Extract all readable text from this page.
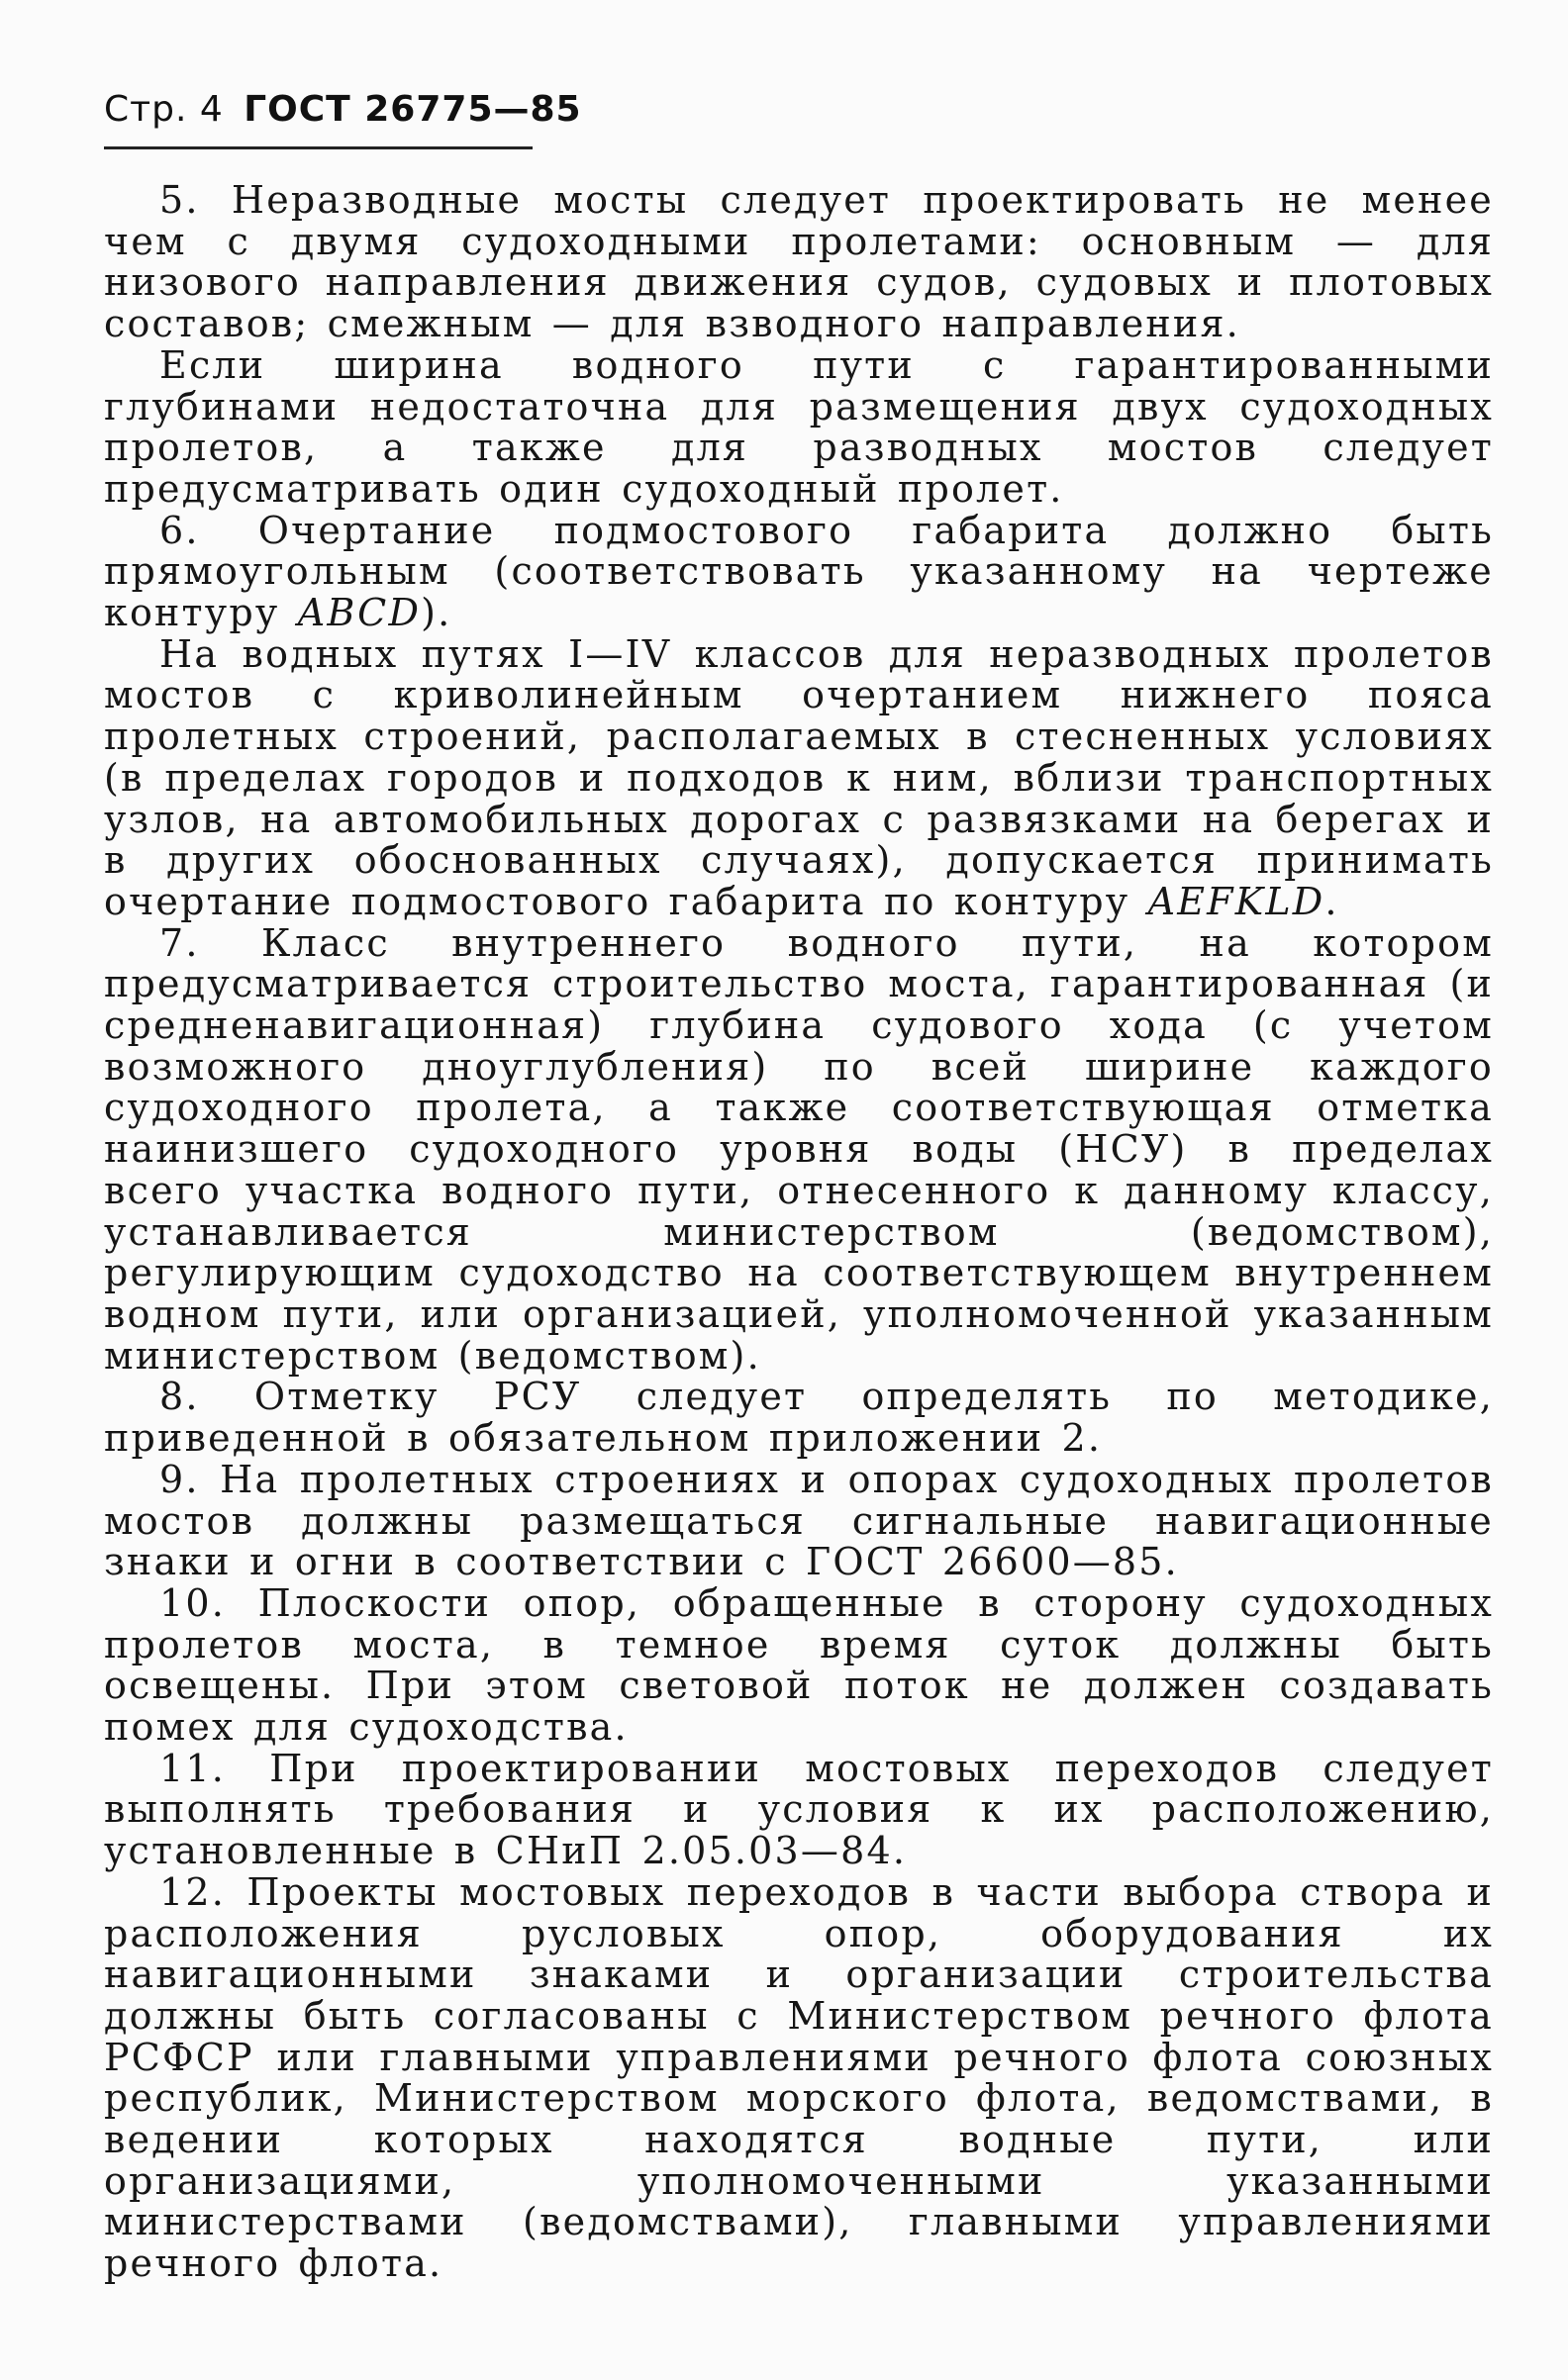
Стр. 4 ГОСТ 26775—85

5. Неразводные мосты следует проектировать не менее чем с двумя судоходными пролетами: основным — для низового направления движения судов, судовых и плотовых составов; смежным — для взводного направления.

Если ширина водного пути с гарантированными глубинами недостаточна для размещения двух судоходных пролетов, а также для разводных мостов следует предусматривать один судоходный пролет.

6. Очертание подмостового габарита должно быть прямоугольным (соответствовать указанному на чертеже контуру ABCD).

На водных путях I—IV классов для неразводных пролетов мостов с криволинейным очертанием нижнего пояса пролетных строений, располагаемых в стесненных условиях (в пределах городов и подходов к ним, вблизи транспортных узлов, на автомобильных дорогах с развязками на берегах и в других обоснованных случаях), допускается принимать очертание подмостового габарита по контуру AEFKLD.

7. Класс внутреннего водного пути, на котором предусматривается строительство моста, гарантированная (и средненавигационная) глубина судового хода (с учетом возможного дноуглубления) по всей ширине каждого судоходного пролета, а также соответствующая отметка наинизшего судоходного уровня воды (НСУ) в пределах всего участка водного пути, отнесенного к данному классу, устанавливается министерством (ведомством), регулирующим судоходство на соответствующем внутреннем водном пути, или организацией, уполномоченной указанным министерством (ведомством).

8. Отметку РСУ следует определять по методике, приведенной в обязательном приложении 2.

9. На пролетных строениях и опорах судоходных пролетов мостов должны размещаться сигнальные навигационные знаки и огни в соответствии с ГОСТ 26600—85.

10. Плоскости опор, обращенные в сторону судоходных пролетов моста, в темное время суток должны быть освещены. При этом световой поток не должен создавать помех для судоходства.

11. При проектировании мостовых переходов следует выполнять требования и условия к их расположению, установленные в СНиП 2.05.03—84.

12. Проекты мостовых переходов в части выбора створа и расположения русловых опор, оборудования их навигационными знаками и организации строительства должны быть согласованы с Министерством речного флота РСФСР или главными управлениями речного флота союзных республик, Министерством морского флота, ведомствами, в ведении которых находятся водные пути, или организациями, уполномоченными указанными министерствами (ведомствами), главными управлениями речного флота.
